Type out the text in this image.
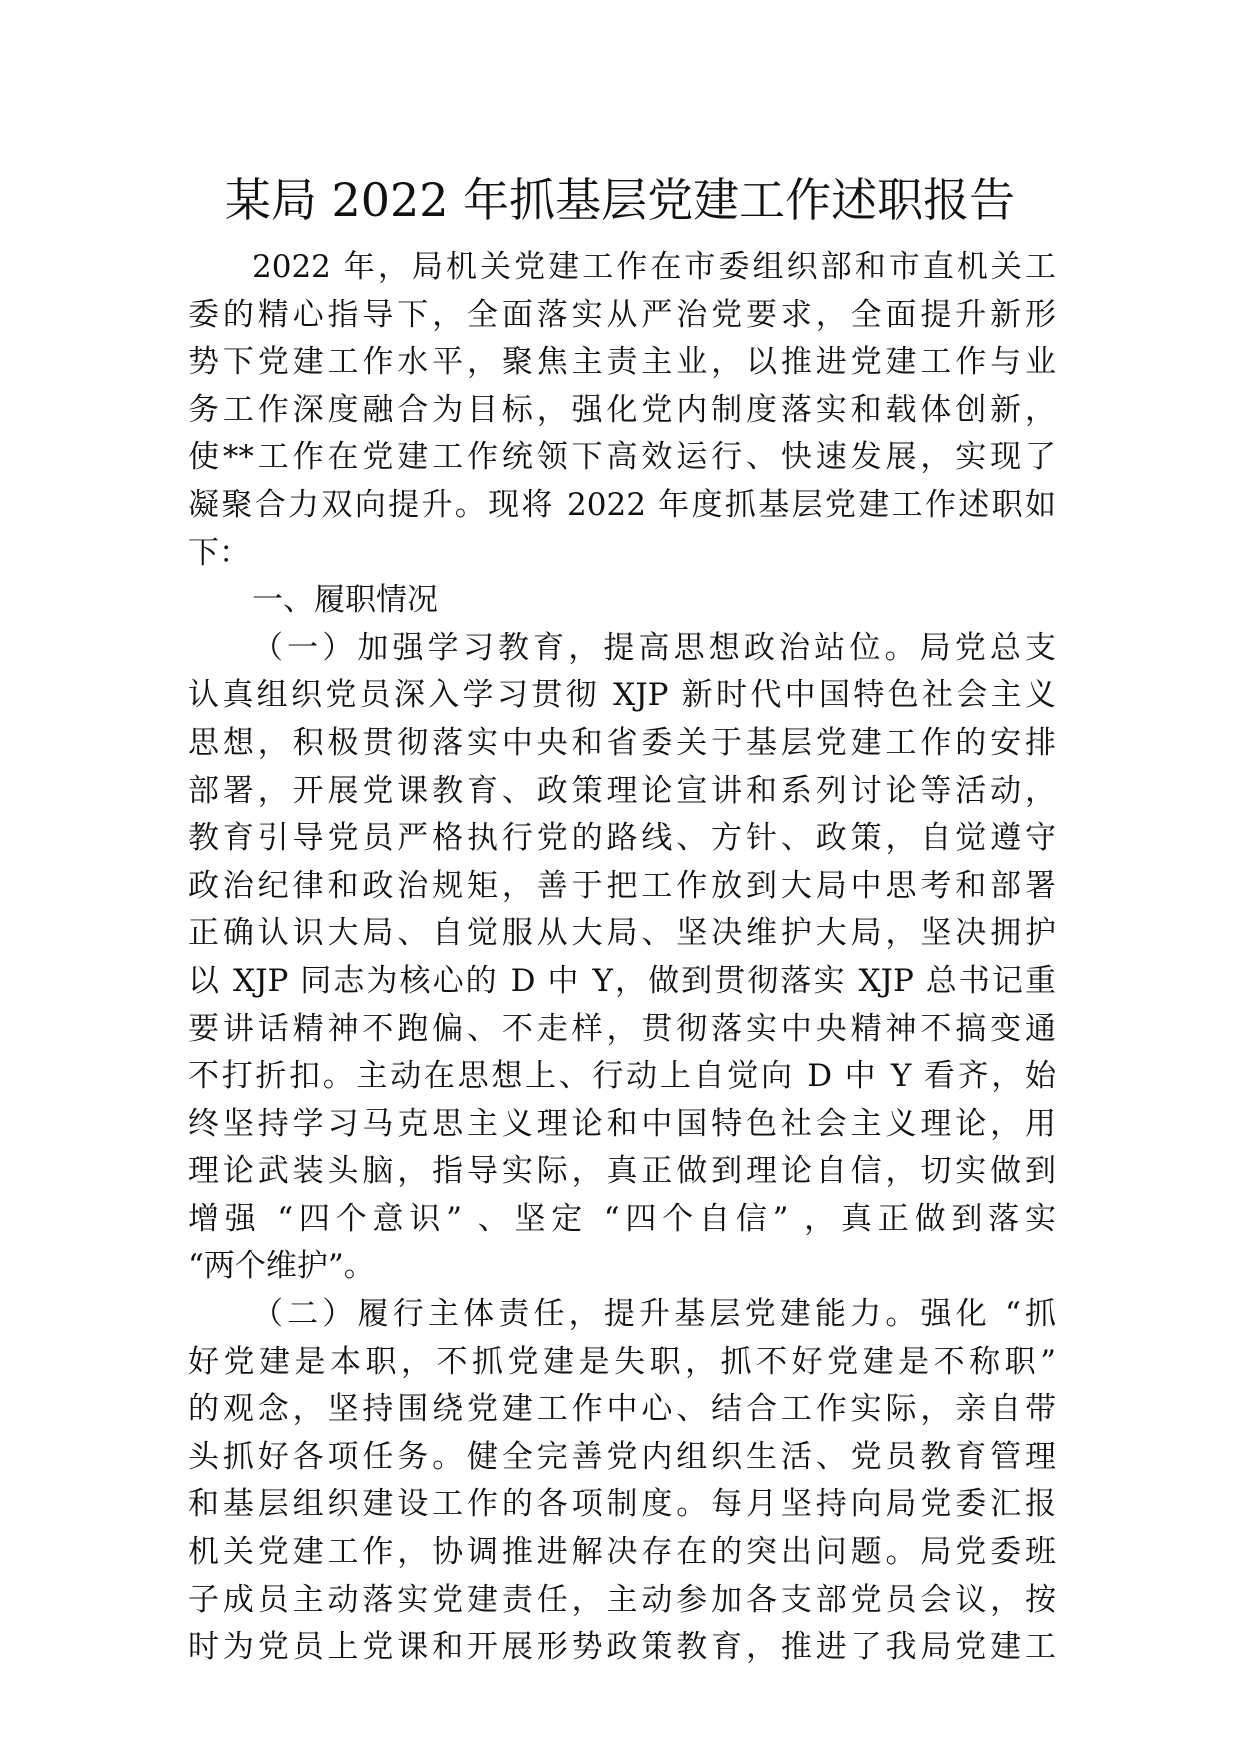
某局 2022 年抓基层党建工作述职报告
2022 年，局机关党建工作在市委组织部和市直机关工
委的精心指导下，全面落实从严治党要求，全面提升新形
势下党建工作水平，聚焦主责主业，以推进党建工作与业
务工作深度融合为目标，强化党内制度落实和载体创新，
使**工作在党建工作统领下高效运行、快速发展，实现了
凝聚合力双向提升。现将 2022 年度抓基层党建工作述职如
下：
一、履职情况
（一）加强学习教育，提高思想政治站位。局党总支
认真组织党员深入学习贯彻 XJP 新时代中国特色社会主义
思想，积极贯彻落实中央和省委关于基层党建工作的安排
部署，开展党课教育、政策理论宣讲和系列讨论等活动，
教育引导党员严格执行党的路线、方针、政策，自觉遵守
政治纪律和政治规矩，善于把工作放到大局中思考和部署
正确认识大局、自觉服从大局、坚决维护大局，坚决拥护
以 XJP 同志为核心的 D 中 Y，做到贯彻落实 XJP 总书记重
要讲话精神不跑偏、不走样，贯彻落实中央精神不搞变通
不打折扣。主动在思想上、行动上自觉向 D 中 Y 看齐，始
终坚持学习马克思主义理论和中国特色社会主义理论，用
理论武装头脑，指导实际，真正做到理论自信，切实做到
增强 “四个意识” 、坚定 “四个自信” ，真正做到落实
“两个维护”。
（二）履行主体责任，提升基层党建能力。强化 “抓
好党建是本职，不抓党建是失职，抓不好党建是不称职”
的观念，坚持围绕党建工作中心、结合工作实际，亲自带
头抓好各项任务。健全完善党内组织生活、党员教育管理
和基层组织建设工作的各项制度。每月坚持向局党委汇报
机关党建工作，协调推进解决存在的突出问题。局党委班
子成员主动落实党建责任，主动参加各支部党员会议，按
时为党员上党课和开展形势政策教育，推进了我局党建工
